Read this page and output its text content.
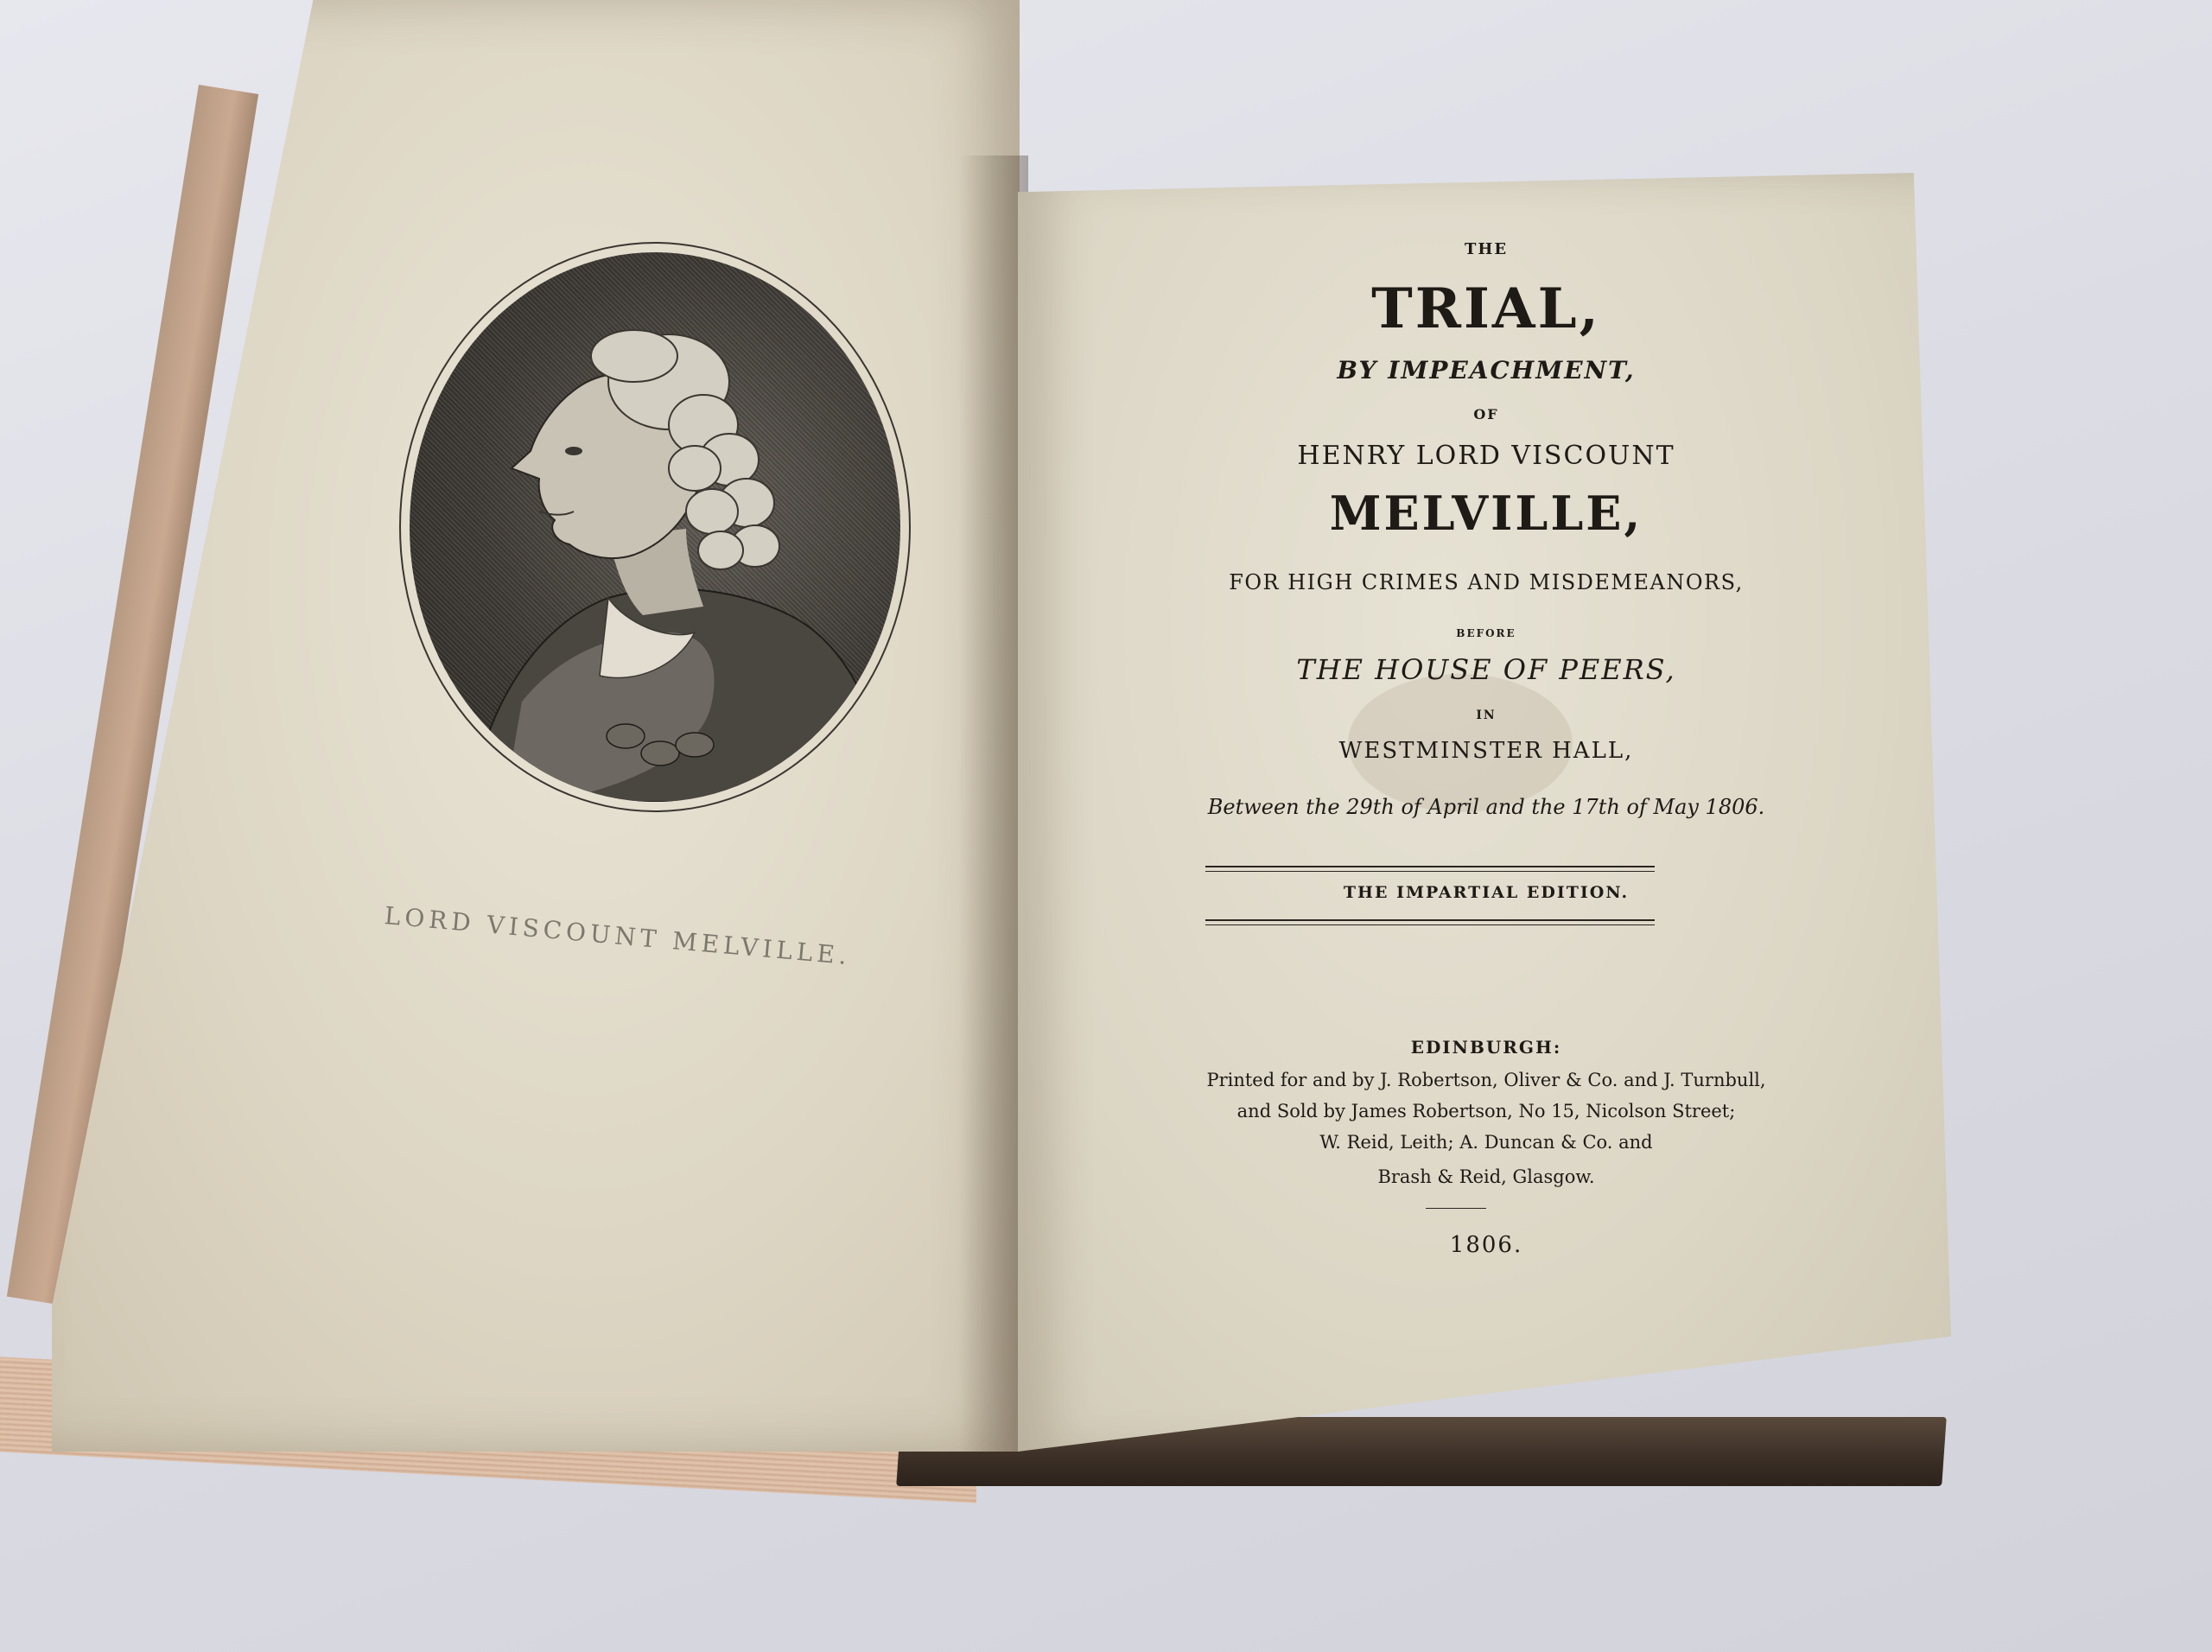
LORD VISCOUNT MELVILLE.
THE
TRIAL,
BY IMPEACHMENT,
OF
HENRY LORD VISCOUNT
MELVILLE,
FOR HIGH CRIMES AND MISDEMEANORS,
BEFORE
THE HOUSE OF PEERS,
IN
WESTMINSTER HALL,
Between the 29th of April and the 17th of May 1806.
THE IMPARTIAL EDITION.
EDINBURGH:
Printed for and by J. Robertson, Oliver & Co. and J. Turnbull,
and Sold by James Robertson, No 15, Nicolson Street;
W. Reid, Leith; A. Duncan & Co. and
Brash & Reid, Glasgow.
1806.
